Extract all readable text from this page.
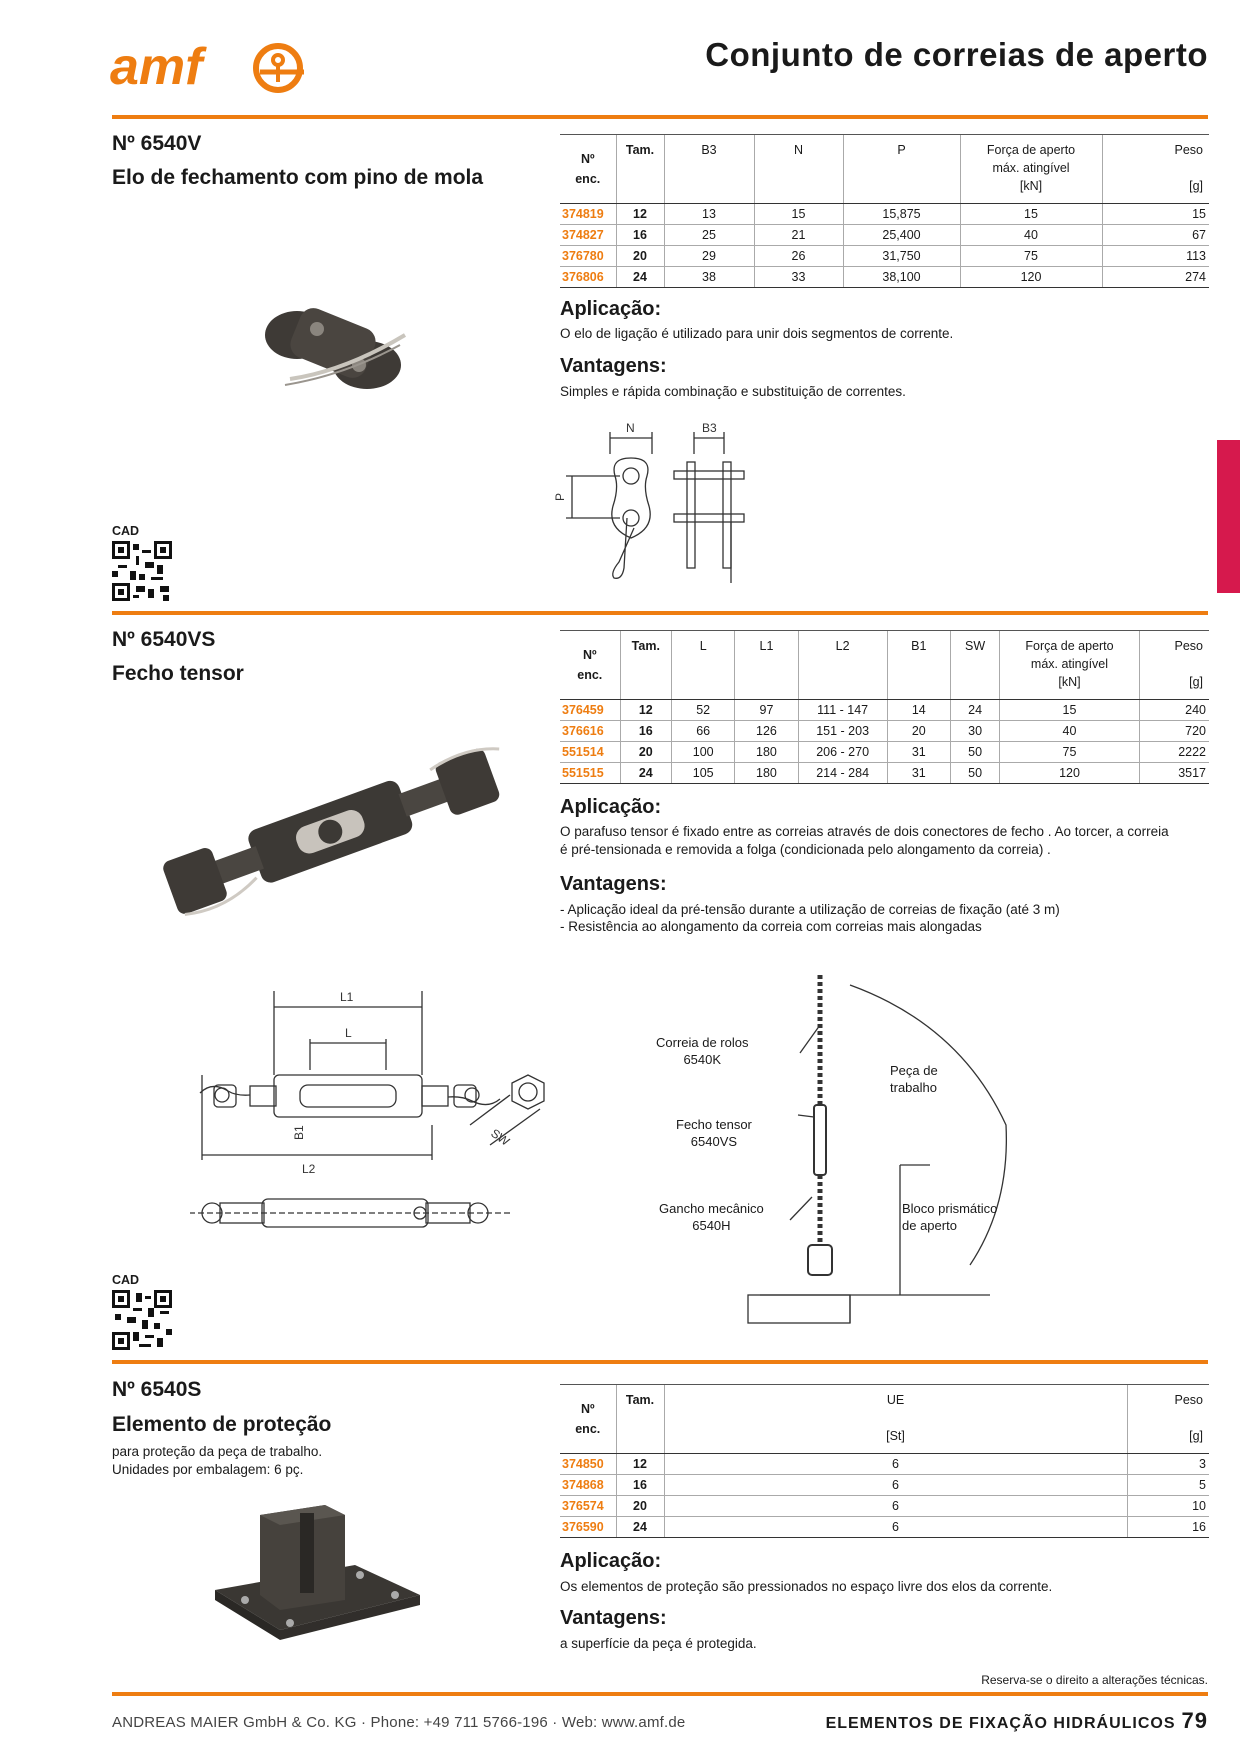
amf	Conjunto de correias de aperto
Nº 6540V
Elo de fechamento com pino de mola
CAD
Nº
enc.	Tam.	B3	N	P	Força de aperto
máx. atingível
[kN]	Peso

[g]
374819	12	13	15	15,875	15	15
374827	16	25	21	25,400	40	67
376780	20	29	26	31,750	75	113
376806	24	38	33	38,100	120	274
Aplicação:
O elo de ligação é utilizado para unir dois segmentos de corrente.
Vantagens:
Simples e rápida combinação e substituição de correntes.
N
P
B3
Nº 6540VS
Fecho tensor
Nº
enc.	Tam.	L	L1	L2	B1	SW	Força de aperto
máx. atingível
[kN]	Peso

[g]
376459	12	52	97	111 - 147	14	24	15	240
376616	16	66	126	151 - 203	20	30	40	720
551514	20	100	180	206 - 270	31	50	75	2222
551515	24	105	180	214 - 284	31	50	120	3517
Aplicação:
O parafuso tensor é fixado entre as correias através de dois conectores de fecho . Ao torcer, a correia é pré-tensionada e removida a folga (condicionada pelo alongamento da correia) .
Vantagens:
- Aplicação ideal da pré-tensão durante a utilização de correias de fixação (até 3 m)
- Resistência ao alongamento da correia com correias mais alongadas
L1
L
L2
B1	SW
Correia de rolos
6540K
Peça de
trabalho
Fecho tensor
6540VS
Gancho mecânico
6540H
Bloco prismático
de aperto
CAD
Nº 6540S
Elemento de proteção
para proteção da peça de trabalho.
Unidades por embalagem: 6 pç.
Nº
enc.	Tam.	UE

[St]	Peso

[g]
374850	12	6	3
374868	16	6	5
376574	20	6	10
376590	24	6	16
Aplicação:
Os elementos de proteção são pressionados no espaço livre dos elos da corrente.
Vantagens:
a superfície da peça é protegida.
Reserva-se o direito a alterações técnicas.
ANDREAS MAIER GmbH & Co. KG · Phone: +49 711 5766-196 · Web: www.amf.de	ELEMENTOS DE FIXAÇÃO HIDRÁULICOS 79
